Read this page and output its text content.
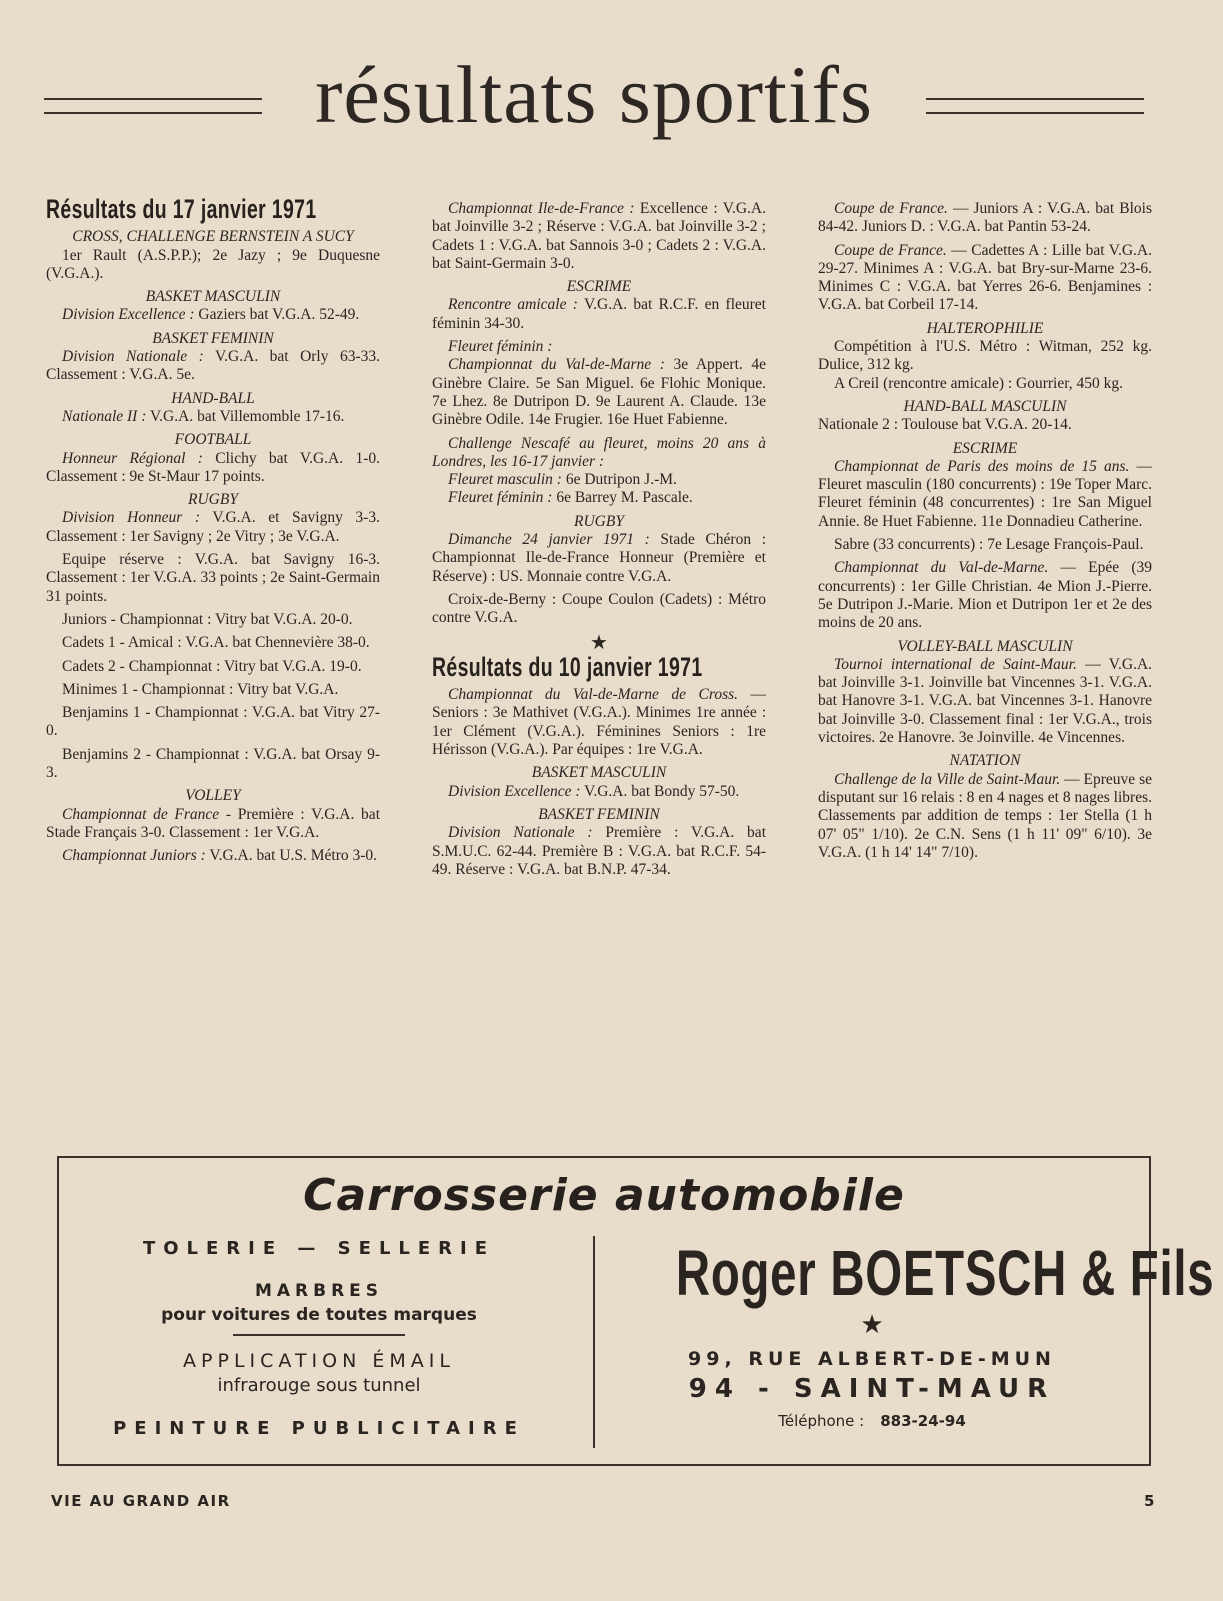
résultats sportifs
Résultats du 17 janvier 1971

CROSS, CHALLENGE BERNSTEIN A SUCY

1er Rault (A.S.P.P.); 2e Jazy ; 9e Duquesne (V.G.A.).

BASKET MASCULIN

Division Excellence : Gaziers bat V.G.A. 52-49.

BASKET FEMININ

Division Nationale : V.G.A. bat Orly 63-33. Classement : V.G.A. 5e.

HAND-BALL

Nationale II : V.G.A. bat Villemomble 17-16.

FOOTBALL

Honneur Régional : Clichy bat V.G.A. 1-0. Classement : 9e St-Maur 17 points.

RUGBY

Division Honneur : V.G.A. et Savigny 3-3. Classement : 1er Savigny ; 2e Vitry ; 3e V.G.A.

Equipe réserve : V.G.A. bat Savigny 16-3. Classement : 1er V.G.A. 33 points ; 2e Saint-Germain 31 points.

Juniors - Championnat : Vitry bat V.G.A. 20-0.

Cadets 1 - Amical : V.G.A. bat Chennevière 38-0.

Cadets 2 - Championnat : Vitry bat V.G.A. 19-0.

Minimes 1 - Championnat : Vitry bat V.G.A.

Benjamins 1 - Championnat : V.G.A. bat Vitry 27-0.

Benjamins 2 - Championnat : V.G.A. bat Orsay 9-3.

VOLLEY

Championnat de France - Première : V.G.A. bat Stade Français 3-0. Classement : 1er V.G.A.

Championnat Juniors : V.G.A. bat U.S. Métro 3-0.

Championnat Ile-de-France : Excellence : V.G.A. bat Joinville 3-2 ; Réserve : V.G.A. bat Joinville 3-2 ; Cadets 1 : V.G.A. bat Sannois 3-0 ; Cadets 2 : V.G.A. bat Saint-Germain 3-0.

ESCRIME

Rencontre amicale : V.G.A. bat R.C.F. en fleuret féminin 34-30.

Fleuret féminin :

Championnat du Val-de-Marne : 3e Appert. 4e Ginèbre Claire. 5e San Miguel. 6e Flohic Monique. 7e Lhez. 8e Dutripon D. 9e Laurent A. Claude. 13e Ginèbre Odile. 14e Frugier. 16e Huet Fabienne.

Challenge Nescafé au fleuret, moins 20 ans à Londres, les 16-17 janvier :

Fleuret masculin : 6e Dutripon J.-M.

Fleuret féminin : 6e Barrey M. Pascale.

RUGBY

Dimanche 24 janvier 1971 : Stade Chéron : Championnat Ile-de-France Honneur (Première et Réserve) : US. Monnaie contre V.G.A.

Croix-de-Berny : Coupe Coulon (Cadets) : Métro contre V.G.A.

★
Résultats du 10 janvier 1971

Championnat du Val-de-Marne de Cross. — Seniors : 3e Mathivet (V.G.A.). Minimes 1re année : 1er Clément (V.G.A.). Féminines Seniors : 1re Hérisson (V.G.A.). Par équipes : 1re V.G.A.

BASKET MASCULIN

Division Excellence : V.G.A. bat Bondy 57-50.

BASKET FEMININ

Division Nationale : Première : V.G.A. bat S.M.U.C. 62-44. Première B : V.G.A. bat R.C.F. 54-49. Réserve : V.G.A. bat B.N.P. 47-34.

Coupe de France. — Juniors A : V.G.A. bat Blois 84-42. Juniors D. : V.G.A. bat Pantin 53-24.

Coupe de France. — Cadettes A : Lille bat V.G.A. 29-27. Minimes A : V.G.A. bat Bry-sur-Marne 23-6. Minimes C : V.G.A. bat Yerres 26-6. Benjamines : V.G.A. bat Corbeil 17-14.

HALTEROPHILIE

Compétition à l'U.S. Métro : Witman, 252 kg. Dulice, 312 kg.

A Creil (rencontre amicale) : Gourrier, 450 kg.

HAND-BALL MASCULIN

Nationale 2 : Toulouse bat V.G.A. 20-14.

ESCRIME

Championnat de Paris des moins de 15 ans. — Fleuret masculin (180 concurrents) : 19e Toper Marc. Fleuret féminin (48 concurrentes) : 1re San Miguel Annie. 8e Huet Fabienne. 11e Donnadieu Catherine.

Sabre (33 concurrents) : 7e Lesage François-Paul.

Championnat du Val-de-Marne. — Epée (39 concurrents) : 1er Gille Christian. 4e Mion J.-Pierre. 5e Dutripon J.-Marie. Mion et Dutripon 1er et 2e des moins de 20 ans.

VOLLEY-BALL MASCULIN

Tournoi international de Saint-Maur. — V.G.A. bat Joinville 3-1. Joinville bat Vincennes 3-1. V.G.A. bat Hanovre 3-1. V.G.A. bat Vincennes 3-1. Hanovre bat Joinville 3-0. Classement final : 1er V.G.A., trois victoires. 2e Hanovre. 3e Joinville. 4e Vincennes.

NATATION

Challenge de la Ville de Saint-Maur. — Epreuve se disputant sur 16 relais : 8 en 4 nages et 8 nages libres. Classements par addition de temps : 1er Stella (1 h 07' 05" 1/10). 2e C.N. Sens (1 h 11' 09" 6/10). 3e V.G.A. (1 h 14' 14" 7/10).

Carrosserie automobile
TOLERIE — SELLERIE
MARBRES
pour voitures de toutes marques
APPLICATION ÉMAIL
infrarouge sous tunnel
PEINTURE PUBLICITAIRE
Roger BOETSCH & Fils
★
99, RUE ALBERT-DE-MUN
94 - SAINT-MAUR
Téléphone : 883-24-94
VIE AU GRAND AIR	5
